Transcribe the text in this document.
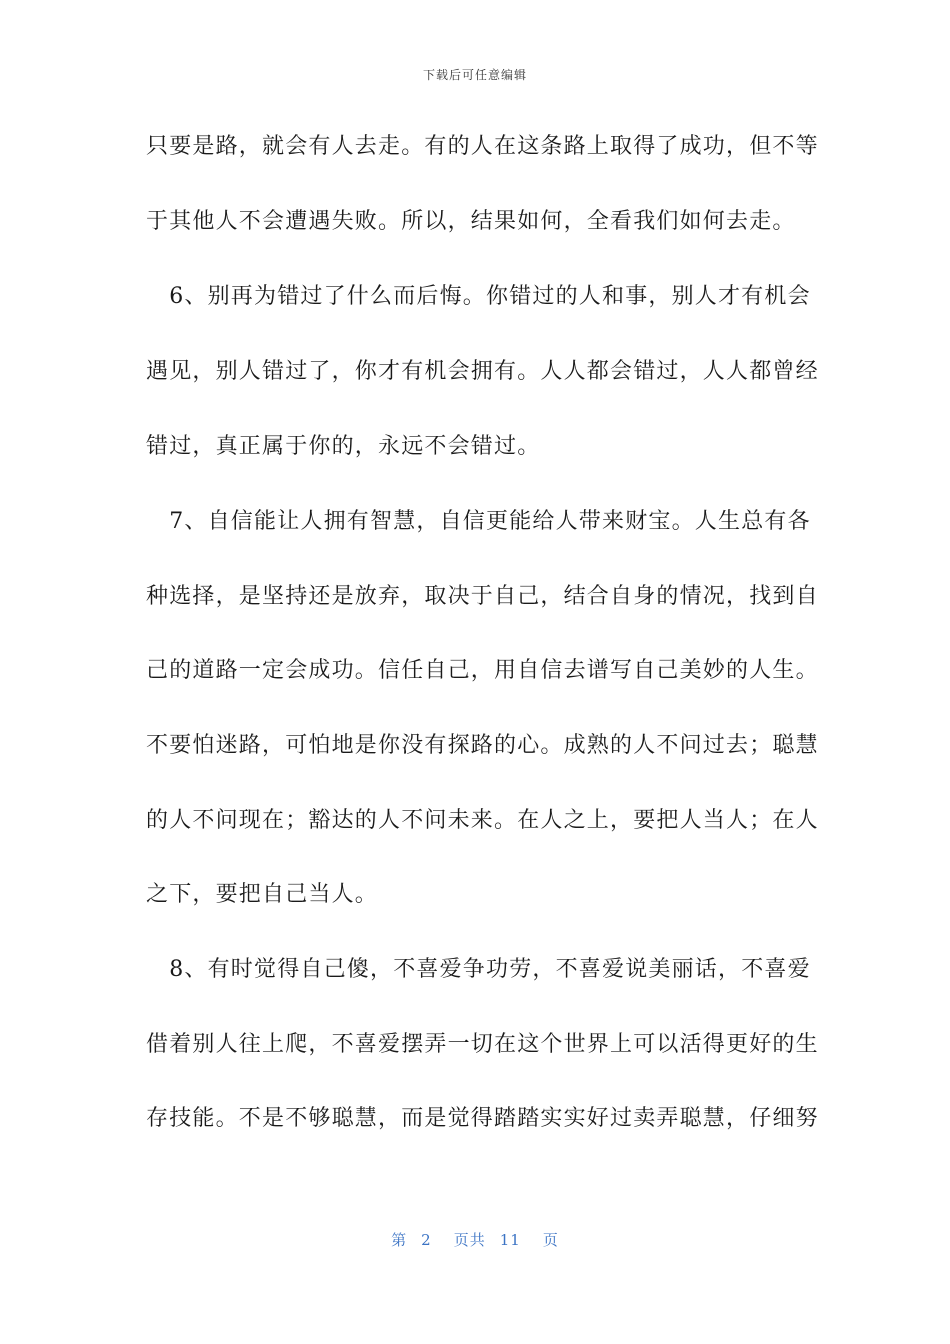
下载后可任意编辑
只要是路，就会有人去走。有的人在这条路上取得了成功，但不等
于其他人不会遭遇失败。所以，结果如何，全看我们如何去走。
　6、别再为错过了什么而后悔。你错过的人和事，别人才有机会
遇见，别人错过了，你才有机会拥有。人人都会错过，人人都曾经
错过，真正属于你的，永远不会错过。
　7、自信能让人拥有智慧，自信更能给人带来财宝。人生总有各
种选择，是坚持还是放弃，取决于自己，结合自身的情况，找到自
己的道路一定会成功。信任自己，用自信去谱写自己美妙的人生。
不要怕迷路，可怕地是你没有探路的心。成熟的人不问过去；聪慧
的人不问现在；豁达的人不问未来。在人之上，要把人当人；在人
之下，要把自己当人。
　8、有时觉得自己傻，不喜爱争功劳，不喜爱说美丽话，不喜爱
借着别人往上爬，不喜爱摆弄一切在这个世界上可以活得更好的生
存技能。不是不够聪慧，而是觉得踏踏实实好过卖弄聪慧，仔细努
第 2 页共 11 页
